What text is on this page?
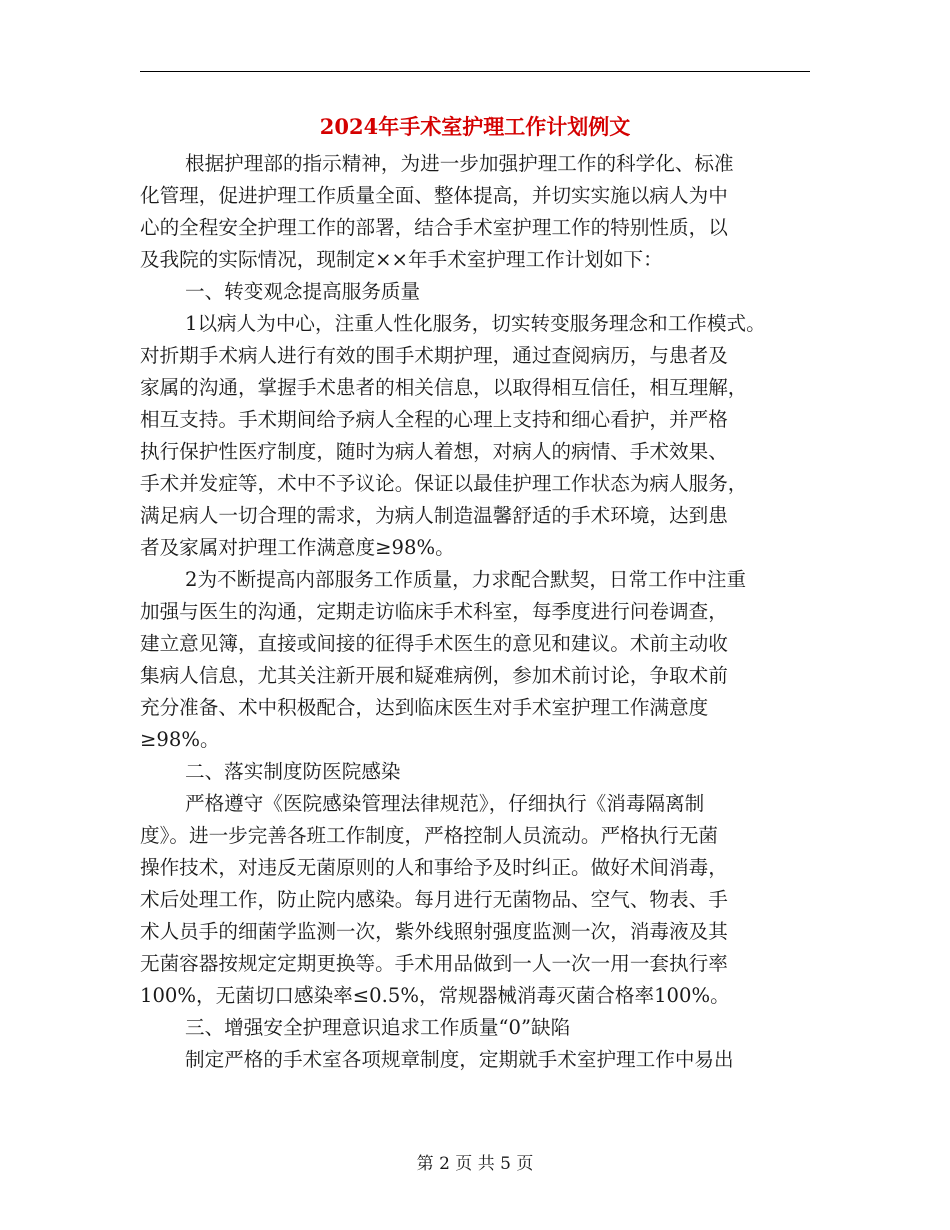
2024年手术室护理工作计划例文
根据护理部的指示精神，为进一步加强护理工作的科学化、标准
化管理，促进护理工作质量全面、整体提高，并切实实施以病人为中
心的全程安全护理工作的部署，结合手术室护理工作的特别性质，以
及我院的实际情况，现制定××年手术室护理工作计划如下：
一、转变观念提高服务质量
1以病人为中心，注重人性化服务，切实转变服务理念和工作模式。
对折期手术病人进行有效的围手术期护理，通过查阅病历，与患者及
家属的沟通，掌握手术患者的相关信息，以取得相互信任，相互理解，
相互支持。手术期间给予病人全程的心理上支持和细心看护，并严格
执行保护性医疗制度，随时为病人着想，对病人的病情、手术效果、
手术并发症等，术中不予议论。保证以最佳护理工作状态为病人服务，
满足病人一切合理的需求，为病人制造温馨舒适的手术环境，达到患
者及家属对护理工作满意度≥98%。
2为不断提高内部服务工作质量，力求配合默契，日常工作中注重
加强与医生的沟通，定期走访临床手术科室，每季度进行问卷调查，
建立意见簿，直接或间接的征得手术医生的意见和建议。术前主动收
集病人信息，尤其关注新开展和疑难病例，参加术前讨论，争取术前
充分准备、术中积极配合，达到临床医生对手术室护理工作满意度
≥98%。
二、落实制度防医院感染
严格遵守《医院感染管理法律规范》，仔细执行《消毒隔离制
度》。进一步完善各班工作制度，严格控制人员流动。严格执行无菌
操作技术，对违反无菌原则的人和事给予及时纠正。做好术间消毒，
术后处理工作，防止院内感染。每月进行无菌物品、空气、物表、手
术人员手的细菌学监测一次，紫外线照射强度监测一次，消毒液及其
无菌容器按规定定期更换等。手术用品做到一人一次一用一套执行率
100%，无菌切口感染率≤0.5%，常规器械消毒灭菌合格率100%。
三、增强安全护理意识追求工作质量“0”缺陷
制定严格的手术室各项规章制度，定期就手术室护理工作中易出

第 2 页 共 5 页
